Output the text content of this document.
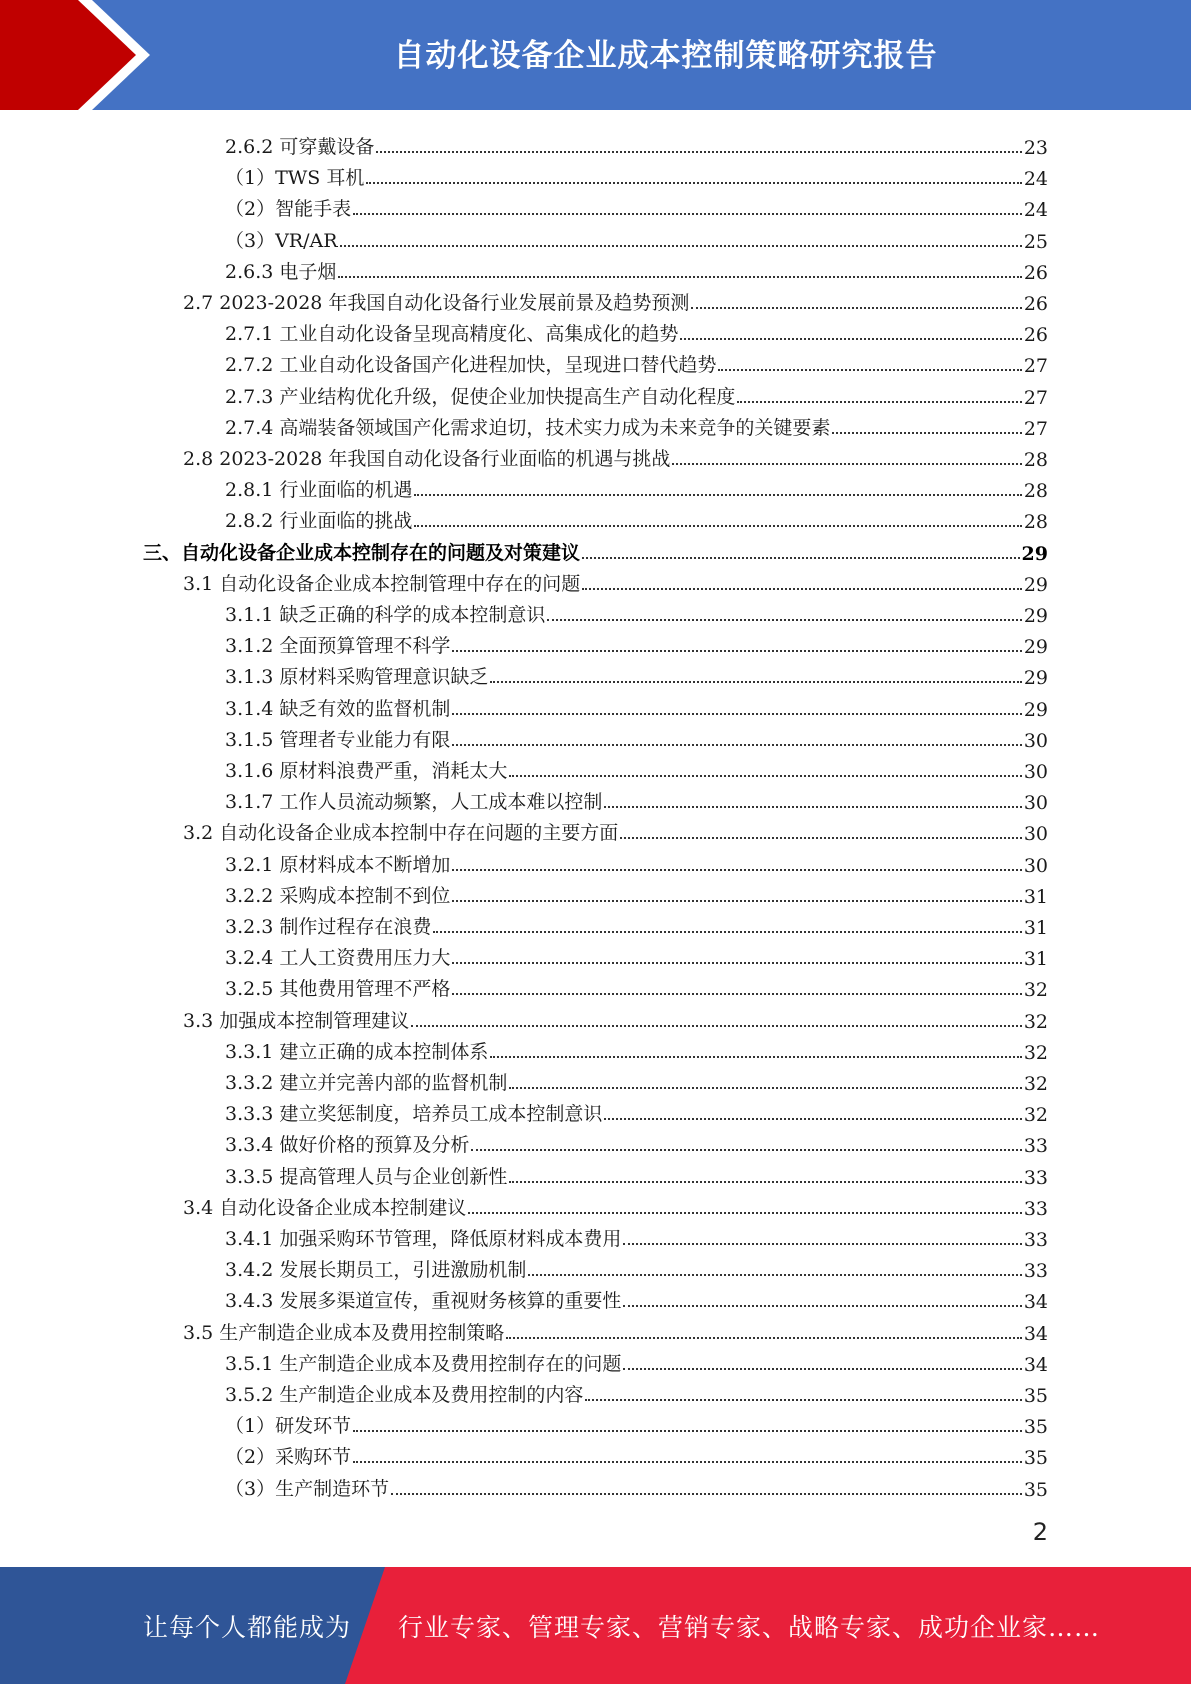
自动化设备企业成本控制策略研究报告
2.6.2 可穿戴设备	23
（1）TWS 耳机	24
（2）智能手表	24
（3）VR/AR	25
2.6.3 电子烟	26
2.7 2023-2028 年我国自动化设备行业发展前景及趋势预测	26
2.7.1 工业自动化设备呈现高精度化、高集成化的趋势	26
2.7.2 工业自动化设备国产化进程加快，呈现进口替代趋势	27
2.7.3 产业结构优化升级，促使企业加快提高生产自动化程度	27
2.7.4 高端装备领域国产化需求迫切，技术实力成为未来竞争的关键要素	27
2.8 2023-2028 年我国自动化设备行业面临的机遇与挑战	28
2.8.1 行业面临的机遇	28
2.8.2 行业面临的挑战	28
三、自动化设备企业成本控制存在的问题及对策建议	29
3.1 自动化设备企业成本控制管理中存在的问题	29
3.1.1 缺乏正确的科学的成本控制意识	29
3.1.2 全面预算管理不科学	29
3.1.3 原材料采购管理意识缺乏	29
3.1.4 缺乏有效的监督机制	29
3.1.5 管理者专业能力有限	30
3.1.6 原材料浪费严重，消耗太大	30
3.1.7 工作人员流动频繁，人工成本难以控制	30
3.2 自动化设备企业成本控制中存在问题的主要方面	30
3.2.1 原材料成本不断增加	30
3.2.2 采购成本控制不到位	31
3.2.3 制作过程存在浪费	31
3.2.4 工人工资费用压力大	31
3.2.5 其他费用管理不严格	32
3.3 加强成本控制管理建议	32
3.3.1 建立正确的成本控制体系	32
3.3.2 建立并完善内部的监督机制	32
3.3.3 建立奖惩制度，培养员工成本控制意识	32
3.3.4 做好价格的预算及分析	33
3.3.5 提高管理人员与企业创新性	33
3.4 自动化设备企业成本控制建议	33
3.4.1 加强采购环节管理，降低原材料成本费用	33
3.4.2 发展长期员工，引进激励机制	33
3.4.3 发展多渠道宣传，重视财务核算的重要性	34
3.5 生产制造企业成本及费用控制策略	34
3.5.1 生产制造企业成本及费用控制存在的问题	34
3.5.2 生产制造企业成本及费用控制的内容	35
（1）研发环节	35
（2）采购环节	35
（3）生产制造环节	35
2
让每个人都能成为 行业专家、管理专家、营销专家、战略专家、成功企业家……
